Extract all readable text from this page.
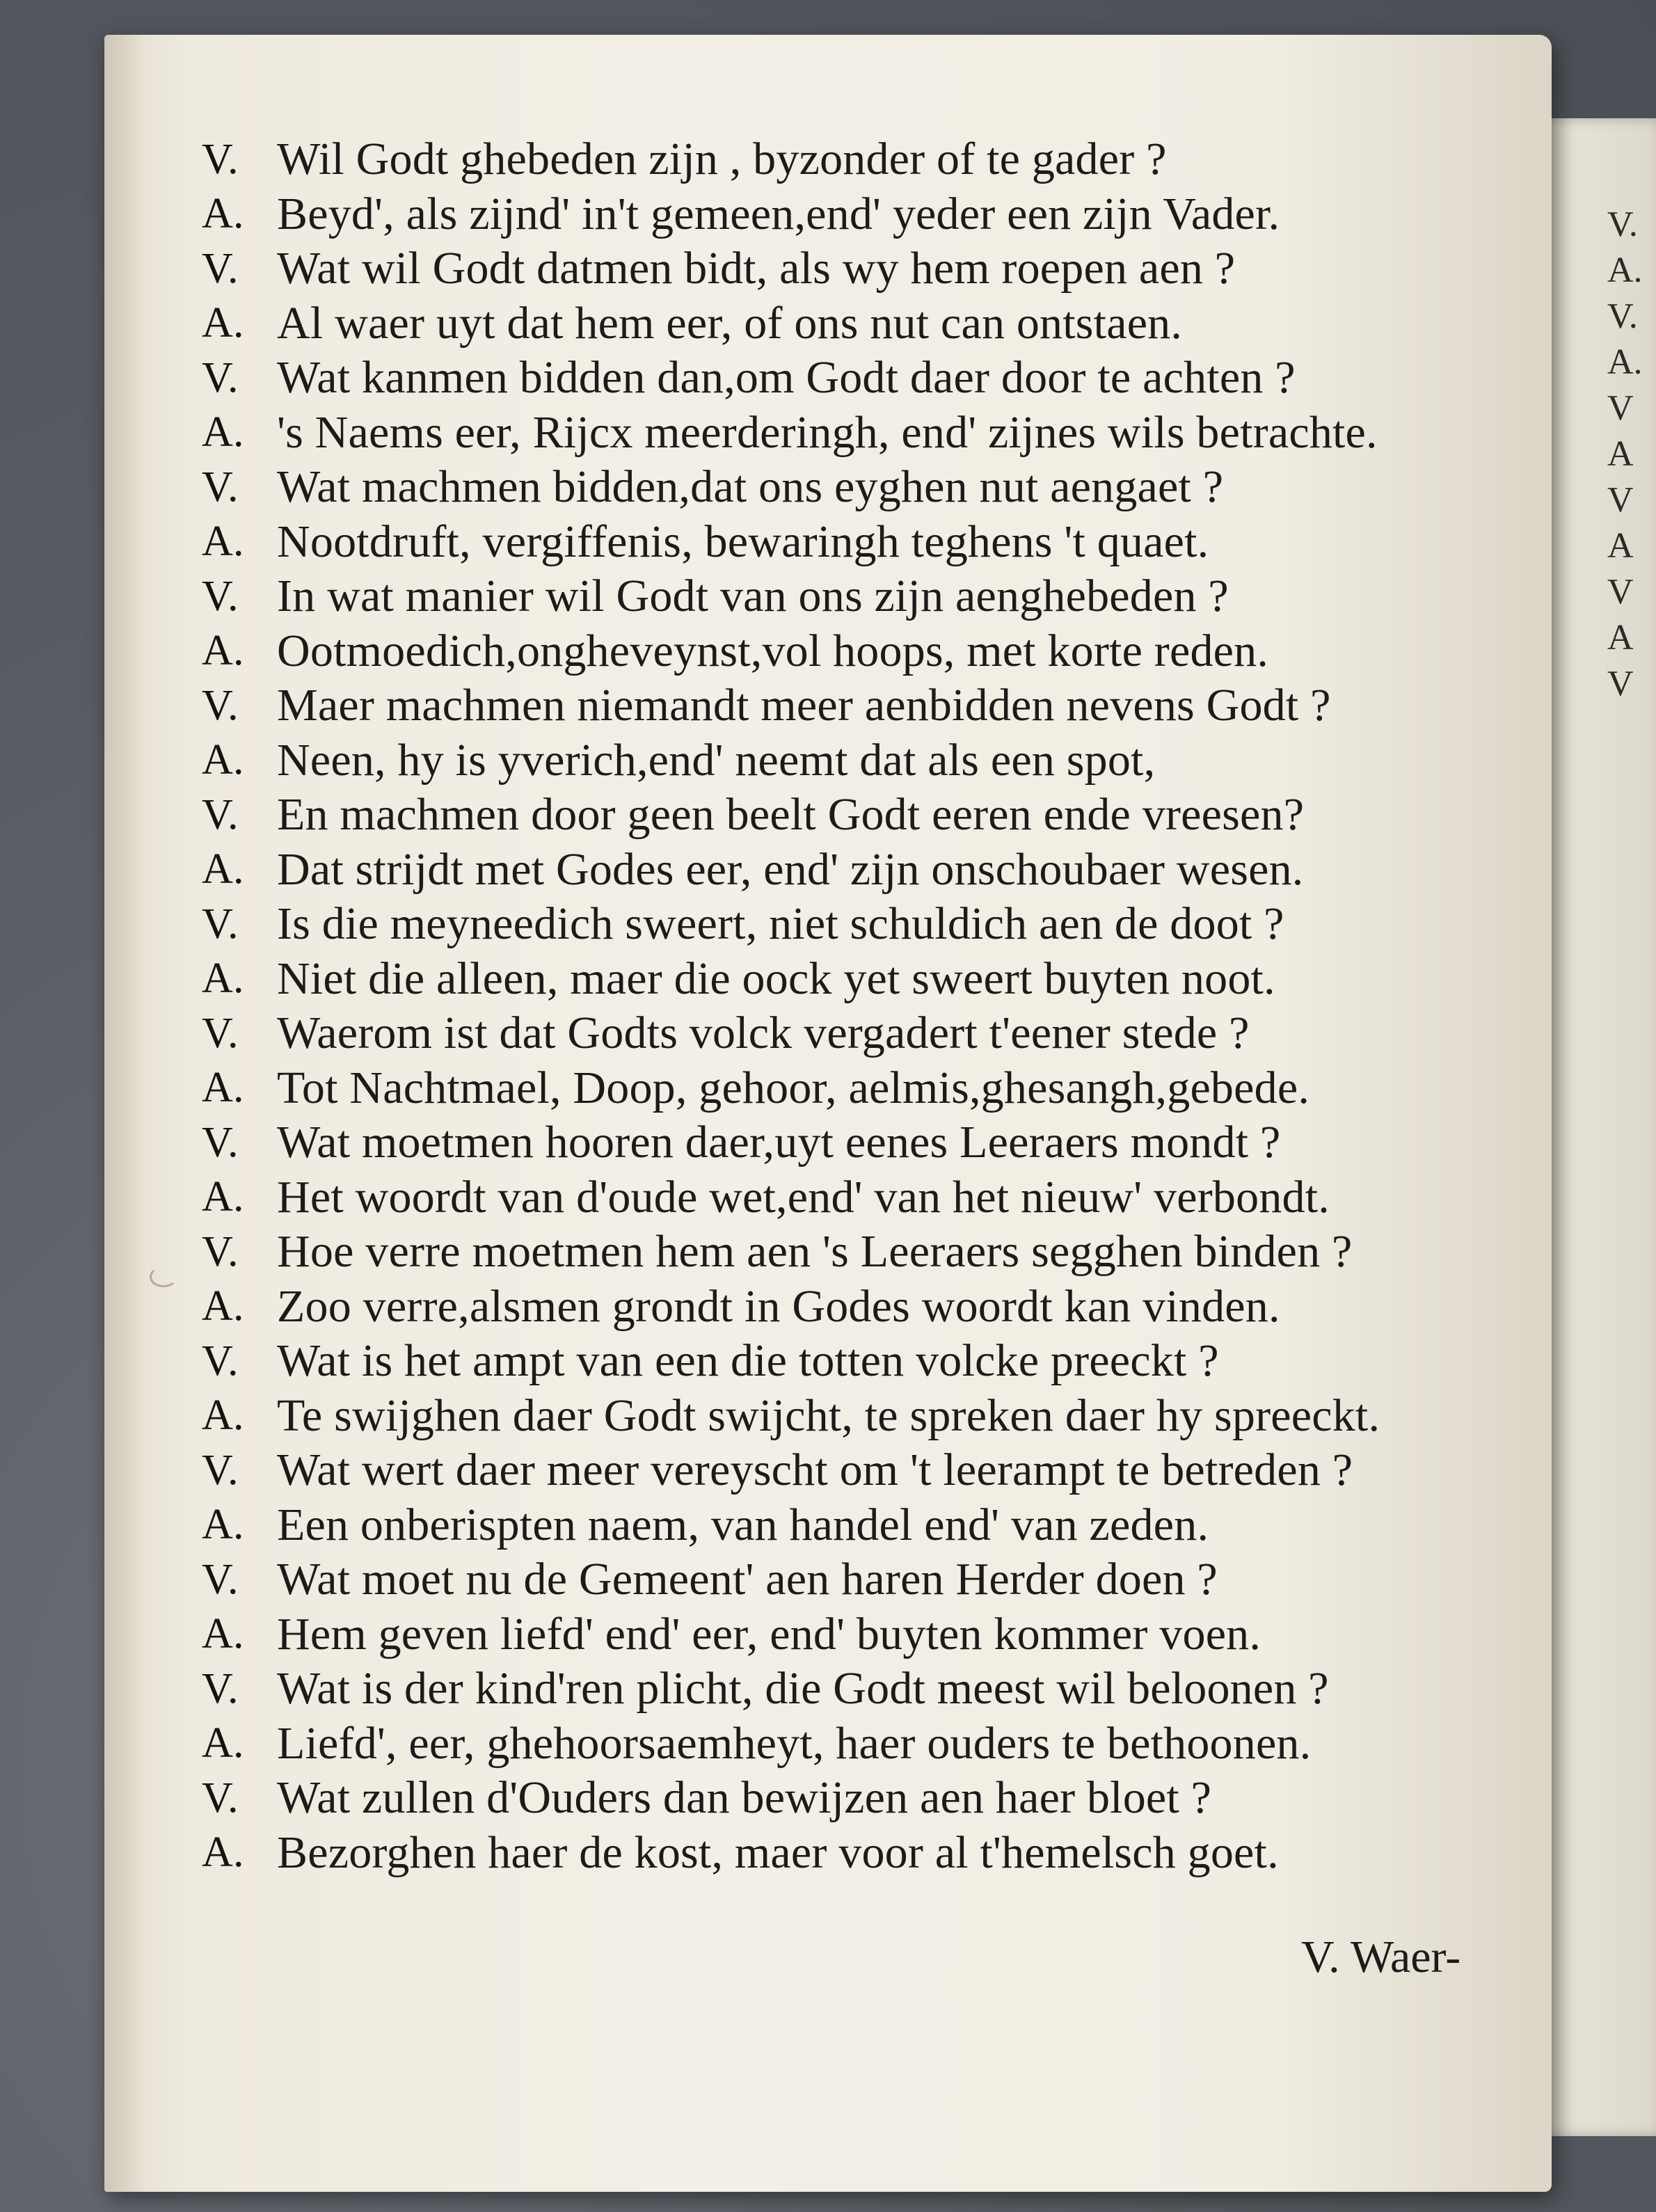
V.
A.
V.
A.
V
A
V
A
V
A
V
V. Wil Godt ghebeden zijn , byzonder of te gader ?
A. Beyd', als zijnd' in't gemeen,end' yeder een zijn Vader.
V. Wat wil Godt datmen bidt, als wy hem roepen aen ?
A. Al waer uyt dat hem eer, of ons nut can ontstaen.
V. Wat kanmen bidden dan,om Godt daer door te achten ?
A. 's Naems eer, Rijcx meerderingh, end' zijnes wils betrachte.
V. Wat machmen bidden,dat ons eyghen nut aengaet ?
A. Nootdruft, vergiffenis, bewaringh teghens 't quaet.
V. In wat manier wil Godt van ons zijn aenghebeden ?
A. Ootmoedich,ongheveynst,vol hoops, met korte reden.
V. Maer machmen niemandt meer aenbidden nevens Godt ?
A. Neen, hy is yverich,end' neemt dat als een spot,
V. En machmen door geen beelt Godt eeren ende vreesen?
A. Dat strijdt met Godes eer, end' zijn onschoubaer wesen.
V. Is die meyneedich sweert, niet schuldich aen de doot ?
A. Niet die alleen, maer die oock yet sweert buyten noot.
V. Waerom ist dat Godts volck vergadert t'eener stede ?
A. Tot Nachtmael, Doop, gehoor, aelmis,ghesangh,gebede.
V. Wat moetmen hooren daer,uyt eenes Leeraers mondt ?
A. Het woordt van d'oude wet,end' van het nieuw' verbondt.
V. Hoe verre moetmen hem aen 's Leeraers segghen binden ?
A. Zoo verre,alsmen grondt in Godes woordt kan vinden.
V. Wat is het ampt van een die totten volcke preeckt ?
A. Te swijghen daer Godt swijcht, te spreken daer hy spreeckt.
V. Wat wert daer meer vereyscht om 't leerampt te betreden ?
A. Een onberispten naem, van handel end' van zeden.
V. Wat moet nu de Gemeent' aen haren Herder doen ?
A. Hem geven liefd' end' eer, end' buyten kommer voen.
V. Wat is der kind'ren plicht, die Godt meest wil beloonen ?
A. Liefd', eer, ghehoorsaemheyt, haer ouders te bethoonen.
V. Wat zullen d'Ouders dan bewijzen aen haer bloet ?
A. Bezorghen haer de kost, maer voor al t'hemelsch goet.
V. Waer-
